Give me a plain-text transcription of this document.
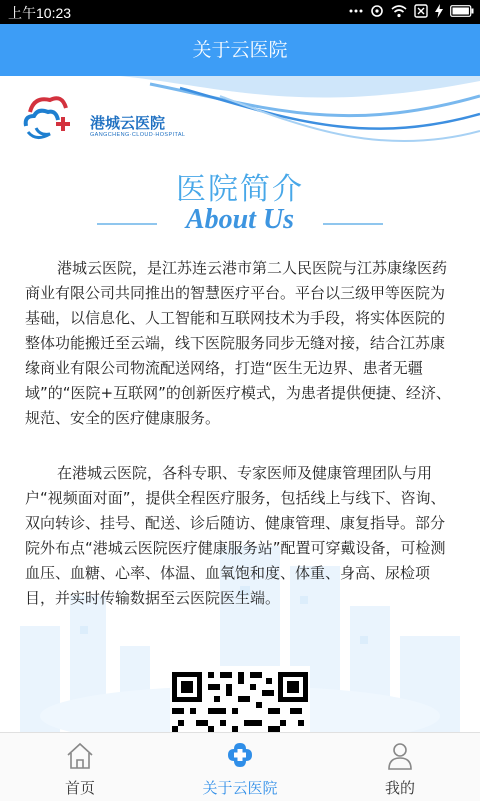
上午10:23
关于云医院
港城云医院
GANGCHENG·CLOUD·HOSPITAL
医院简介
About Us

港城云医院，是江苏连云港市第二人民医院与江苏康缘医药商业有限公司共同推出的智慧医疗平台。平台以三级甲等医院为基础，以信息化、人工智能和互联网技术为手段，将实体医院的整体功能搬迁至云端，线下医院服务同步无缝对接，结合江苏康缘商业有限公司物流配送网络，打造“医生无边界、患者无疆域”的“医院+互联网”的创新医疗模式，为患者提供便捷、经济、规范、安全的医疗健康服务。

在港城云医院，各科专职、专家医师及健康管理团队与用户“视频面对面”，提供全程医疗服务，包括线上与线下、咨询、双向转诊、挂号、配送、诊后随访、健康管理、康复指导。部分院外布点“港城云医院医疗健康服务站”配置可穿戴设备，可检测血压、血糖、心率、体温、血氧饱和度、体重、身高、尿检项目，并实时传输数据至云医院医生端。

首页	关于云医院	我的
